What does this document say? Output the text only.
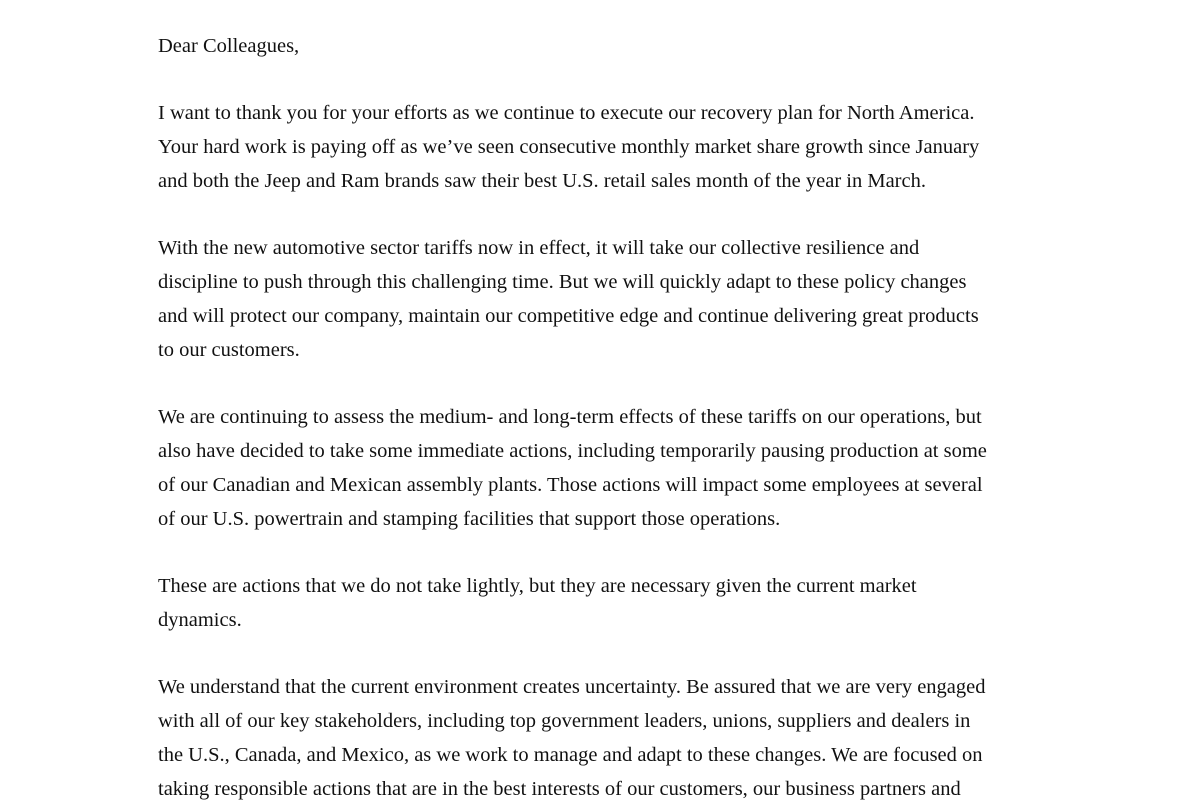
Dear Colleagues,

I want to thank you for your efforts as we continue to execute our recovery plan for North America.
Your hard work is paying off as we’ve seen consecutive monthly market share growth since January
and both the Jeep and Ram brands saw their best U.S. retail sales month of the year in March.

With the new automotive sector tariffs now in effect, it will take our collective resilience and
discipline to push through this challenging time. But we will quickly adapt to these policy changes
and will protect our company, maintain our competitive edge and continue delivering great products
to our customers.

We are continuing to assess the medium- and long-term effects of these tariffs on our operations, but
also have decided to take some immediate actions, including temporarily pausing production at some
of our Canadian and Mexican assembly plants. Those actions will impact some employees at several
of our U.S. powertrain and stamping facilities that support those operations.

These are actions that we do not take lightly, but they are necessary given the current market
dynamics.

We understand that the current environment creates uncertainty. Be assured that we are very engaged
with all of our key stakeholders, including top government leaders, unions, suppliers and dealers in
the U.S., Canada, and Mexico, as we work to manage and adapt to these changes. We are focused on
taking responsible actions that are in the best interests of our customers, our business partners and
